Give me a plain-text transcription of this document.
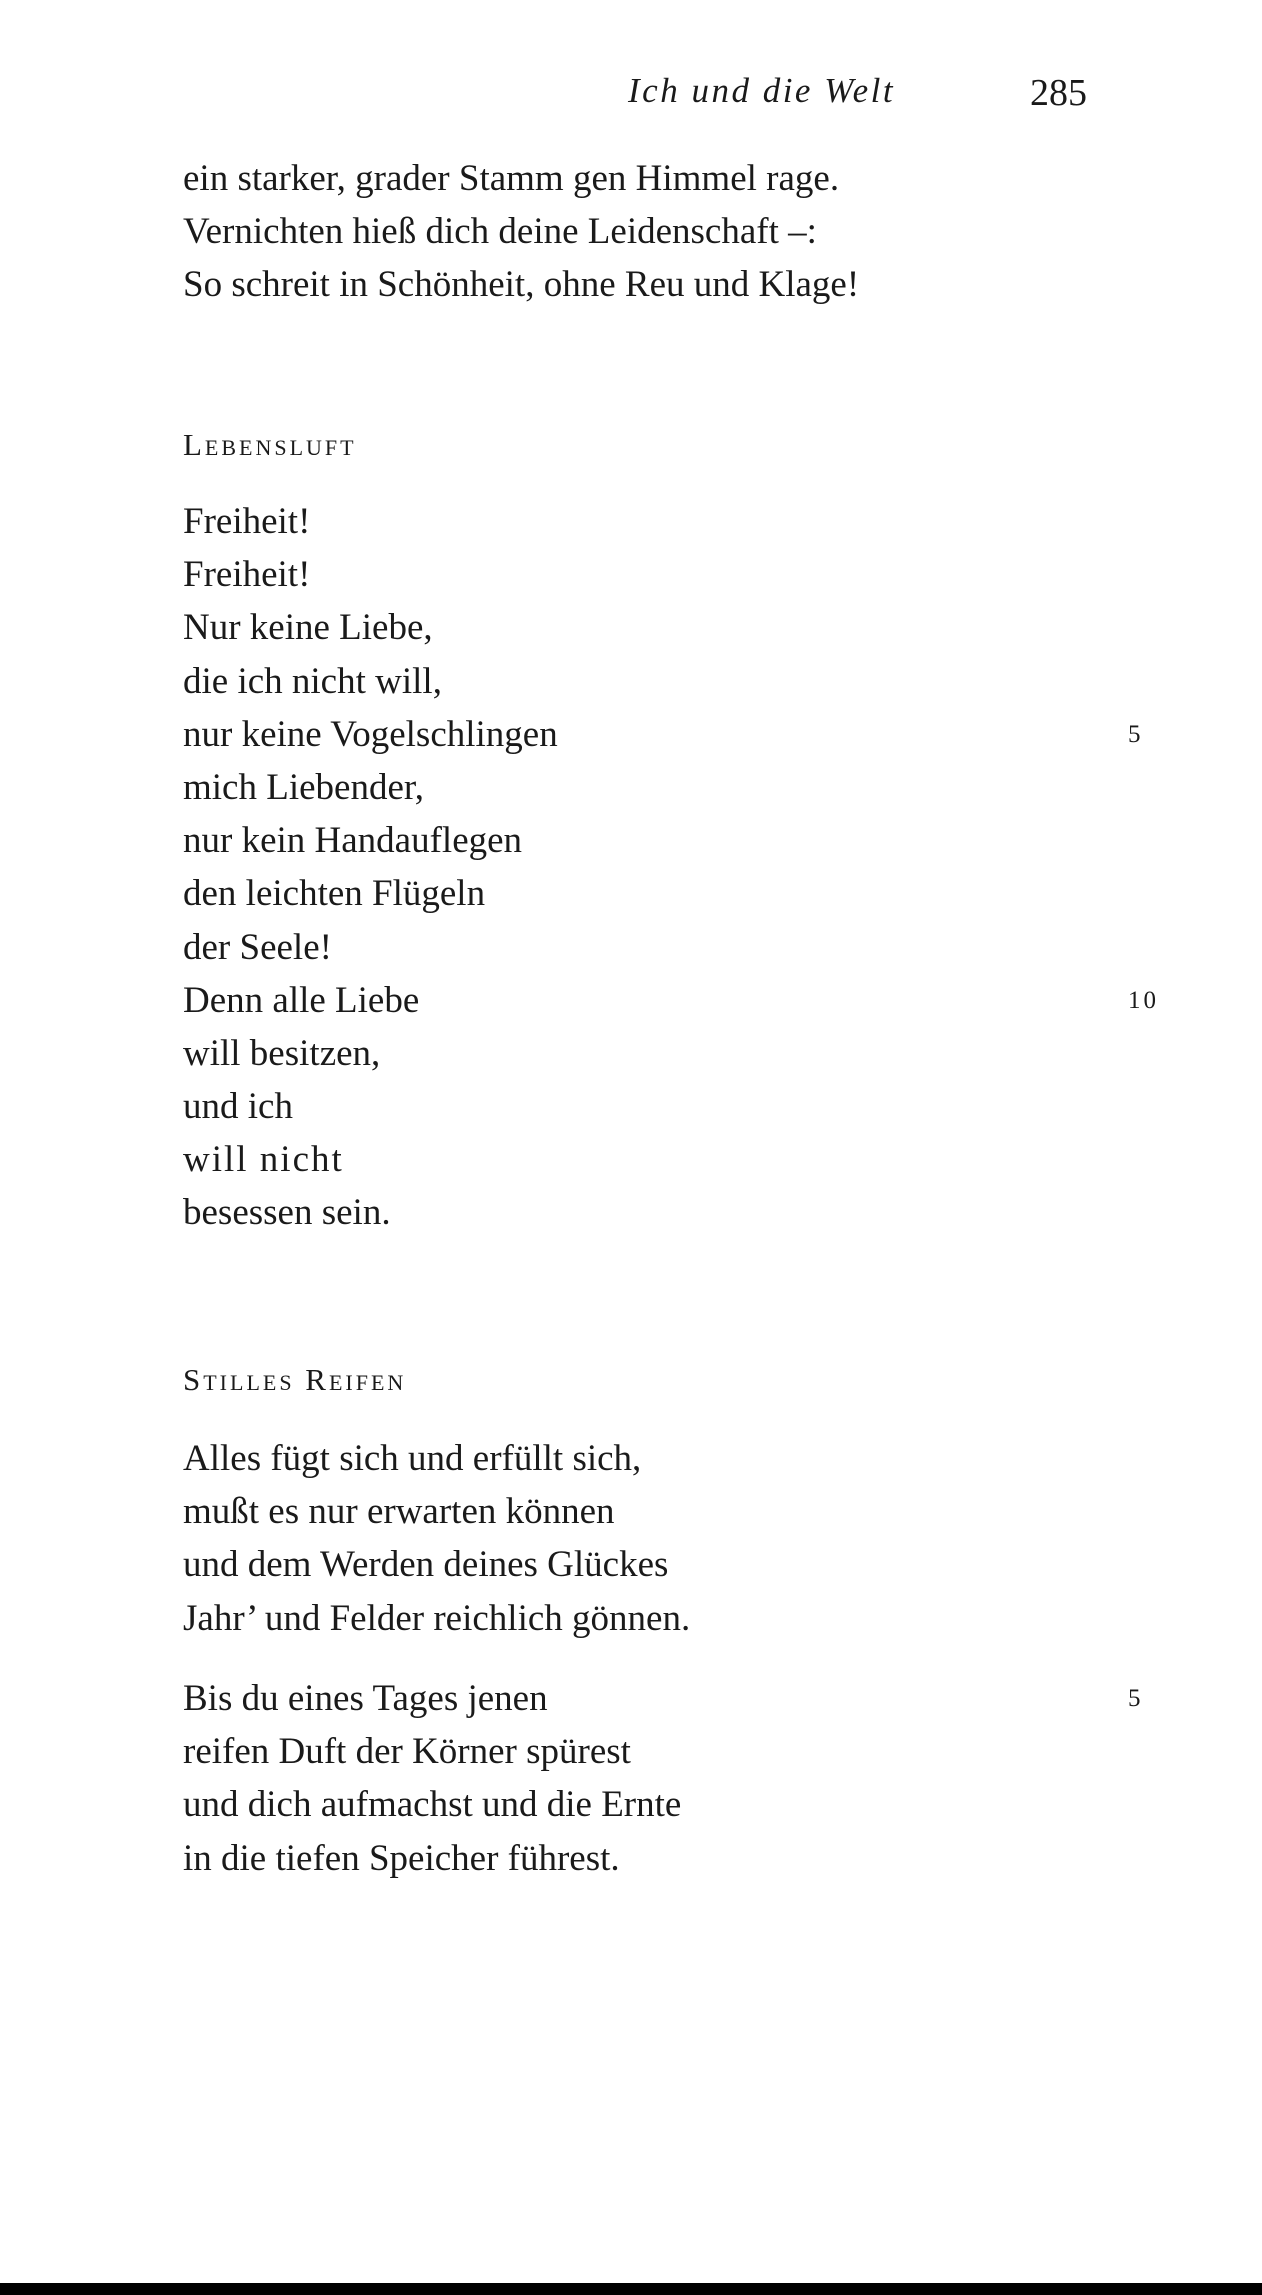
Ich und die Welt	285
ein starker, grader Stamm gen Himmel rage.
Vernichten hieß dich deine Leidenschaft –:
So schreit in Schönheit, ohne Reu und Klage!
Lebensluft
Freiheit!
Freiheit!
Nur keine Liebe,
die ich nicht will,
nur keine Vogelschlingen	5
mich Liebender,
nur kein Handauflegen
den leichten Flügeln
der Seele!
Denn alle Liebe	10
will besitzen,
und ich
will nicht
besessen sein.
Stilles Reifen
Alles fügt sich und erfüllt sich,
mußt es nur erwarten können
und dem Werden deines Glückes
Jahr’ und Felder reichlich gönnen.
Bis du eines Tages jenen	5
reifen Duft der Körner spürest
und dich aufmachst und die Ernte
in die tiefen Speicher führest.
